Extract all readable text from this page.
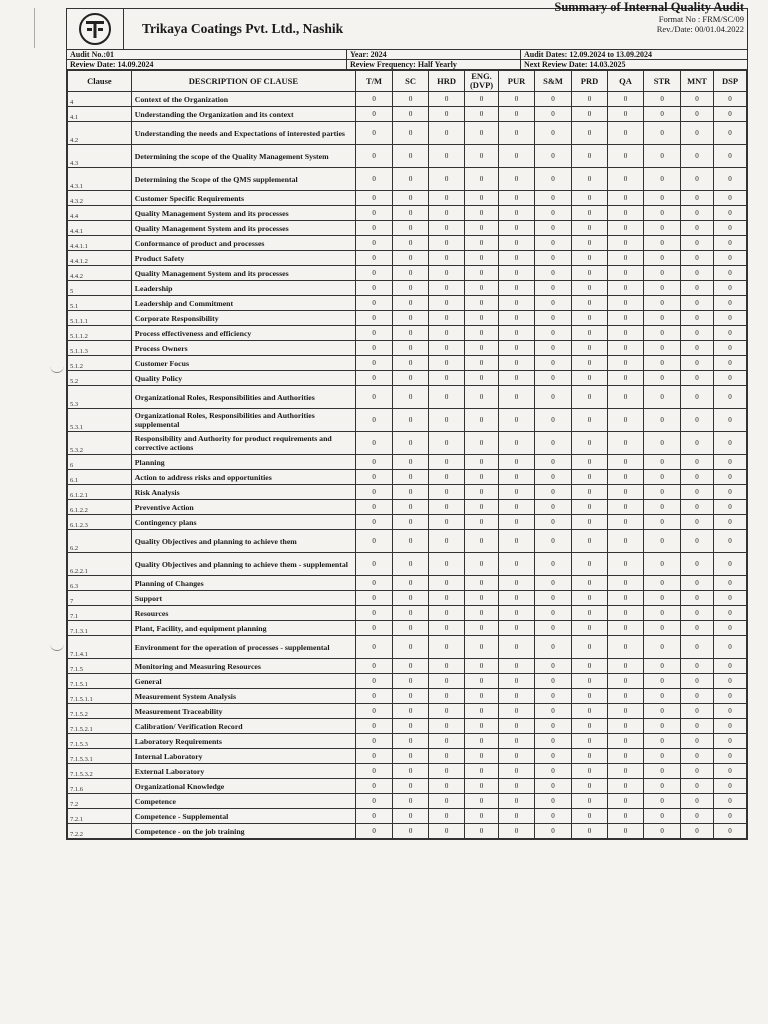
Trikaya Coatings Pvt. Ltd., Nashik
Summary of Internal Quality Audit
Format No : FRM/SC/09
Rev./Date: 00/01.04.2022
Audit No.:01	Year: 2024	Audit Dates: 12.09.2024 to 13.09.2024
Review Date: 14.09.2024	Review Frequency: Half Yearly	Next Review Date: 14.03.2025
Clause	DESCRIPTION OF CLAUSE	T/M	SC	HRD	ENG. (DVP)	PUR	S&M	PRD	QA	STR	MNT	DSP
4	Context of the Organization	0	0	0	0	0	0	0	0	0	0	0
4.1	Understanding the Organization and its context	0	0	0	0	0	0	0	0	0	0	0
4.2	Understanding the needs and Expectations of interested parties	0	0	0	0	0	0	0	0	0	0	0
4.3	Determining the scope of the Quality Management System	0	0	0	0	0	0	0	0	0	0	0
4.3.1	Determining the Scope of the QMS supplemental	0	0	0	0	0	0	0	0	0	0	0
4.3.2	Customer Specific Requirements	0	0	0	0	0	0	0	0	0	0	0
4.4	Quality Management System and its processes	0	0	0	0	0	0	0	0	0	0	0
4.4.1	Quality Management System and its processes	0	0	0	0	0	0	0	0	0	0	0
4.4.1.1	Conformance of product and processes	0	0	0	0	0	0	0	0	0	0	0
4.4.1.2	Product Safety	0	0	0	0	0	0	0	0	0	0	0
4.4.2	Quality Management System and its processes	0	0	0	0	0	0	0	0	0	0	0
5	Leadership	0	0	0	0	0	0	0	0	0	0	0
5.1	Leadership and Commitment	0	0	0	0	0	0	0	0	0	0	0
5.1.1.1	Corporate Responsibility	0	0	0	0	0	0	0	0	0	0	0
5.1.1.2	Process effectiveness and efficiency	0	0	0	0	0	0	0	0	0	0	0
5.1.1.3	Process Owners	0	0	0	0	0	0	0	0	0	0	0
5.1.2	Customer Focus	0	0	0	0	0	0	0	0	0	0	0
5.2	Quality Policy	0	0	0	0	0	0	0	0	0	0	0
5.3	Organizational Roles, Responsibilities and Authorities	0	0	0	0	0	0	0	0	0	0	0
5.3.1	Organizational Roles, Responsibilities and Authorities supplemental	0	0	0	0	0	0	0	0	0	0	0
5.3.2	Responsibility and Authority for product requirements and corrective actions	0	0	0	0	0	0	0	0	0	0	0
6	Planning	0	0	0	0	0	0	0	0	0	0	0
6.1	Action to address risks and opportunities	0	0	0	0	0	0	0	0	0	0	0
6.1.2.1	Risk Analysis	0	0	0	0	0	0	0	0	0	0	0
6.1.2.2	Preventive Action	0	0	0	0	0	0	0	0	0	0	0
6.1.2.3	Contingency plans	0	0	0	0	0	0	0	0	0	0	0
6.2	Quality Objectives and planning to achieve them	0	0	0	0	0	0	0	0	0	0	0
6.2.2.1	Quality Objectives and planning to achieve them - supplemental	0	0	0	0	0	0	0	0	0	0	0
6.3	Planning of Changes	0	0	0	0	0	0	0	0	0	0	0
7	Support	0	0	0	0	0	0	0	0	0	0	0
7.1	Resources	0	0	0	0	0	0	0	0	0	0	0
7.1.3.1	Plant, Facility, and equipment planning	0	0	0	0	0	0	0	0	0	0	0
7.1.4.1	Environment for the operation of processes - supplemental	0	0	0	0	0	0	0	0	0	0	0
7.1.5	Monitoring and Measuring Resources	0	0	0	0	0	0	0	0	0	0	0
7.1.5.1	General	0	0	0	0	0	0	0	0	0	0	0
7.1.5.1.1	Measurement System Analysis	0	0	0	0	0	0	0	0	0	0	0
7.1.5.2	Measurement Traceability	0	0	0	0	0	0	0	0	0	0	0
7.1.5.2.1	Calibration/ Verification Record	0	0	0	0	0	0	0	0	0	0	0
7.1.5.3	Laboratory Requirements	0	0	0	0	0	0	0	0	0	0	0
7.1.5.3.1	Internal Laboratory	0	0	0	0	0	0	0	0	0	0	0
7.1.5.3.2	External Laboratory	0	0	0	0	0	0	0	0	0	0	0
7.1.6	Organizational Knowledge	0	0	0	0	0	0	0	0	0	0	0
7.2	Competence	0	0	0	0	0	0	0	0	0	0	0
7.2.1	Competence - Supplemental	0	0	0	0	0	0	0	0	0	0	0
7.2.2	Competence - on the job training	0	0	0	0	0	0	0	0	0	0	0
